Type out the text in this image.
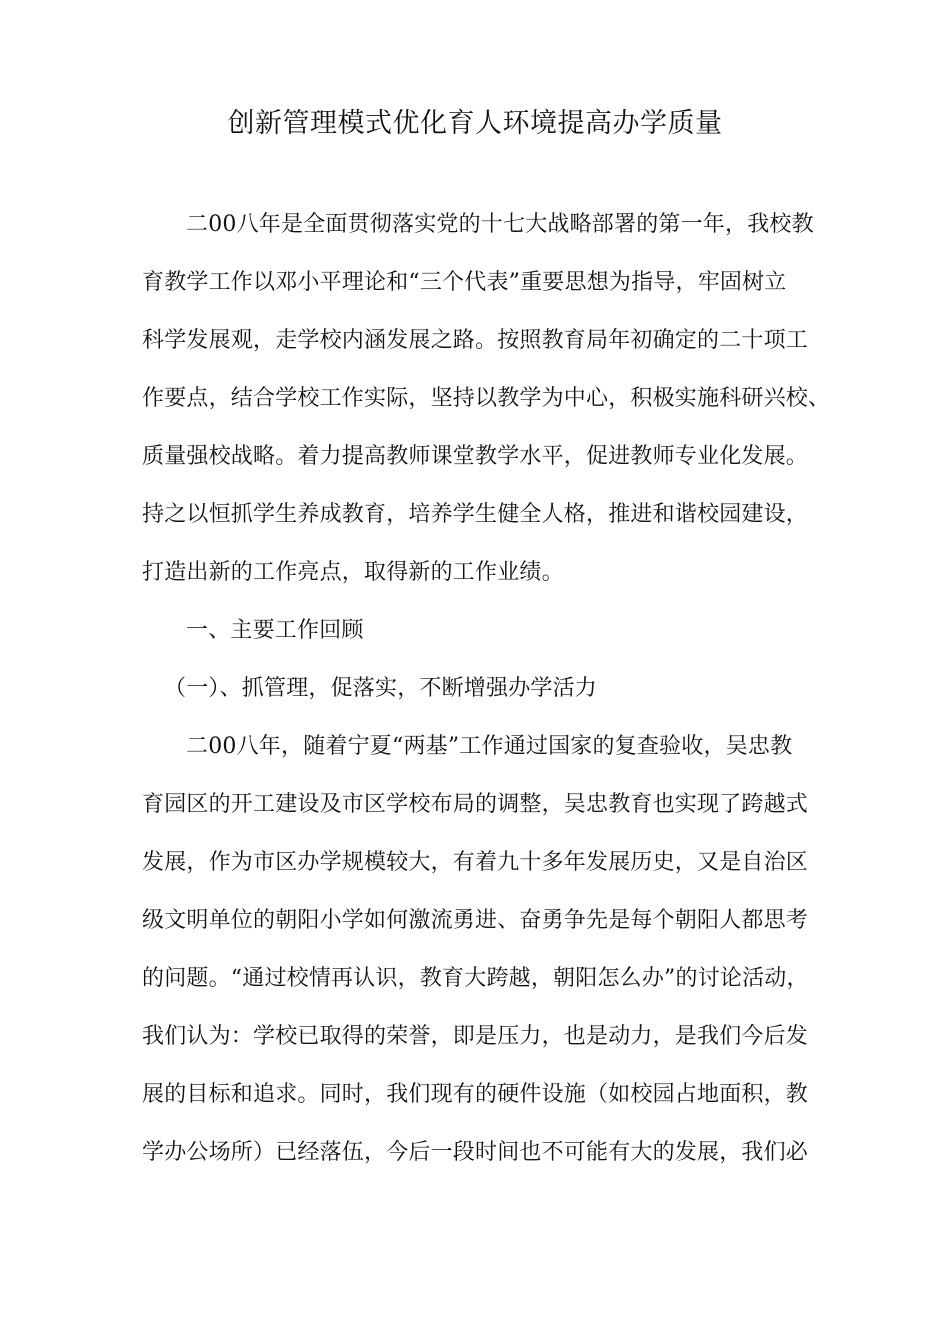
创新管理模式优化育人环境提高办学质量
二00八年是全面贯彻落实党的十七大战略部署的第一年，我校教
育教学工作以邓小平理论和“三个代表”重要思想为指导，牢固树立
科学发展观，走学校内涵发展之路。按照教育局年初确定的二十项工
作要点，结合学校工作实际，坚持以教学为中心，积极实施科研兴校、
质量强校战略。着力提高教师课堂教学水平，促进教师专业化发展。
持之以恒抓学生养成教育，培养学生健全人格，推进和谐校园建设，
打造出新的工作亮点，取得新的工作业绩。
一、主要工作回顾
（一）、抓管理，促落实，不断增强办学活力
二00八年，随着宁夏“两基”工作通过国家的复查验收，吴忠教
育园区的开工建设及市区学校布局的调整，吴忠教育也实现了跨越式
发展，作为市区办学规模较大，有着九十多年发展历史，又是自治区
级文明单位的朝阳小学如何激流勇进、奋勇争先是每个朝阳人都思考
的问题。“通过校情再认识，教育大跨越，朝阳怎么办”的讨论活动，
我们认为：学校已取得的荣誉，即是压力，也是动力，是我们今后发
展的目标和追求。同时，我们现有的硬件设施（如校园占地面积，教
学办公场所）已经落伍，今后一段时间也不可能有大的发展，我们必
